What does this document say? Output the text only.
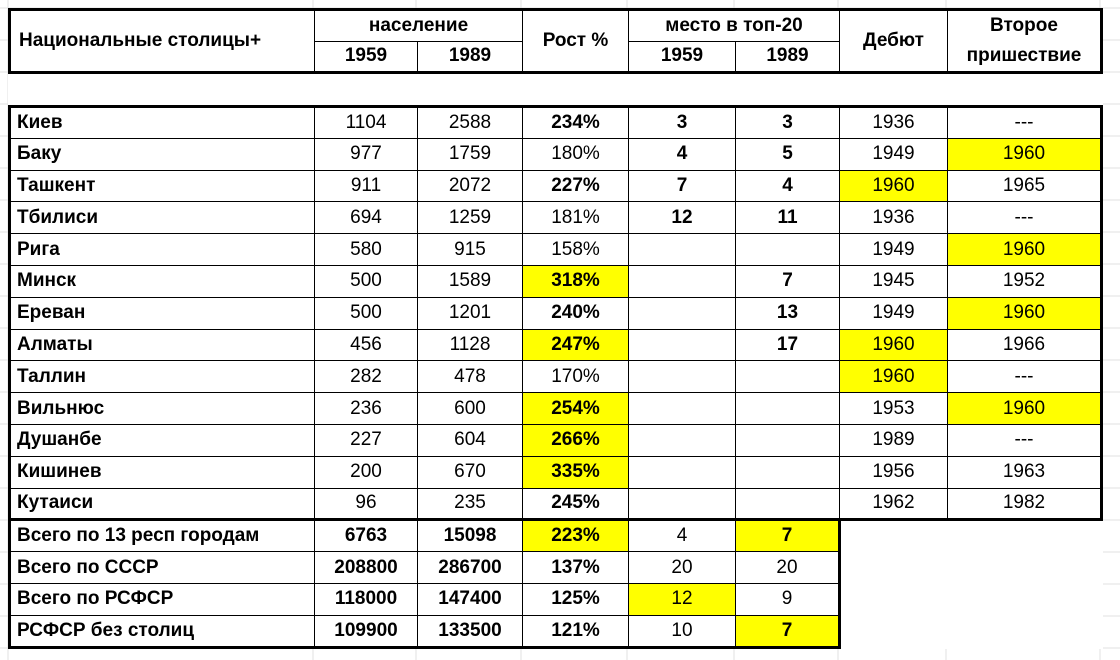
Национальные столицы+	население		Рост %	место в топ-20		Дебют	Второе
	1959	1989		1959	1989		пришествие

Киев	1104	2588	234%	3	3	1936	---
Баку	977	1759	180%	4	5	1949	1960
Ташкент	911	2072	227%	7	4	1960	1965
Тбилиси	694	1259	181%	12	11	1936	---
Рига	580	915	158%			1949	1960
Минск	500	1589	318%		7	1945	1952
Ереван	500	1201	240%		13	1949	1960
Алматы	456	1128	247%		17	1960	1966
Таллин	282	478	170%			1960	---
Вильнюс	236	600	254%			1953	1960
Душанбе	227	604	266%			1989	---
Кишинев	200	670	335%			1956	1963
Кутаиси	96	235	245%			1962	1982
Всего по 13 респ городам	6763	15098	223%	4	7		
Всего по СССР	208800	286700	137%	20	20		
Всего по РСФСР	118000	147400	125%	12	9		
РСФСР без столиц	109900	133500	121%	10	7		
